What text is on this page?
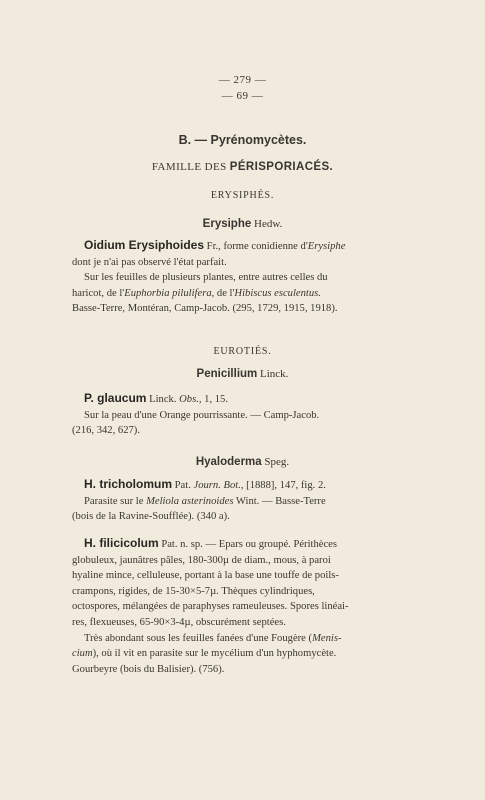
— 279 —
— 69 —
B. — Pyrénomycètes.
FAMILLE DES PÉRISPORIACÉS.
ERYSIPHÉS.
Erysiphe Hedw.
Oidium Erysiphoides Fr., forme conidienne d'Erysiphe
dont je n'ai pas observé l'état parfait.
Sur les feuilles de plusieurs plantes, entre autres celles du
haricot, de l'Euphorbia pilulifera, de l'Hibiscus esculentus.
Basse-Terre, Montéran, Camp-Jacob. (295, 1729, 1915, 1918).
EUROTIÉS.
Penicillium Linck.
P. glaucum Linck. Obs., 1, 15.
Sur la peau d'une Orange pourrissante. — Camp-Jacob.
(216, 342, 627).
Hyaloderma Speg.
H. tricholomum Pat. Journ. Bot., [1888], 147, fig. 2.
Parasite sur le Meliola asterinoides Wint. — Basse-Terre
(bois de la Ravine-Soufflée). (340 a).
H. filicicolum Pat. n. sp. — Epars ou groupé. Périthèces
globuleux, jaunâtres pâles, 180-300µ de diam., mous, à paroi
hyaline mince, celluleuse, portant à la base une touffe de poils-
crampons, rigides, de 15-30×5-7µ. Thèques cylindriques,
octospores, mélangées de paraphyses rameuleuses. Spores linéai-
res, flexueuses, 65-90×3-4µ, obscurément septées.
Très abondant sous les feuilles fanées d'une Fougère (Menis-
cium), où il vit en parasite sur le mycélium d'un hyphomycète.
Gourbeyre (bois du Balisier). (756).
